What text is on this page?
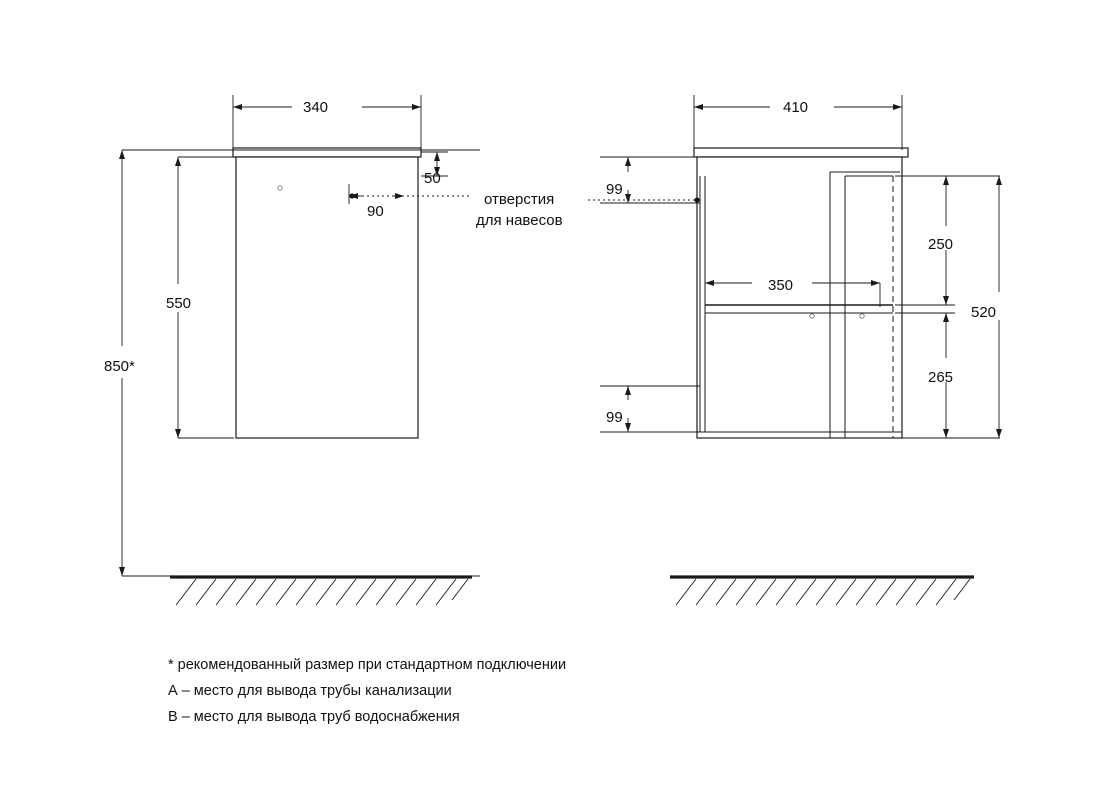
340
50
90
550
850*
410
99
350
250
520
265
99
отверстия
для навесов
* рекомендованный размер при стандартном подключении
А – место для вывода трубы канализации
В – место для вывода труб водоснабжения
